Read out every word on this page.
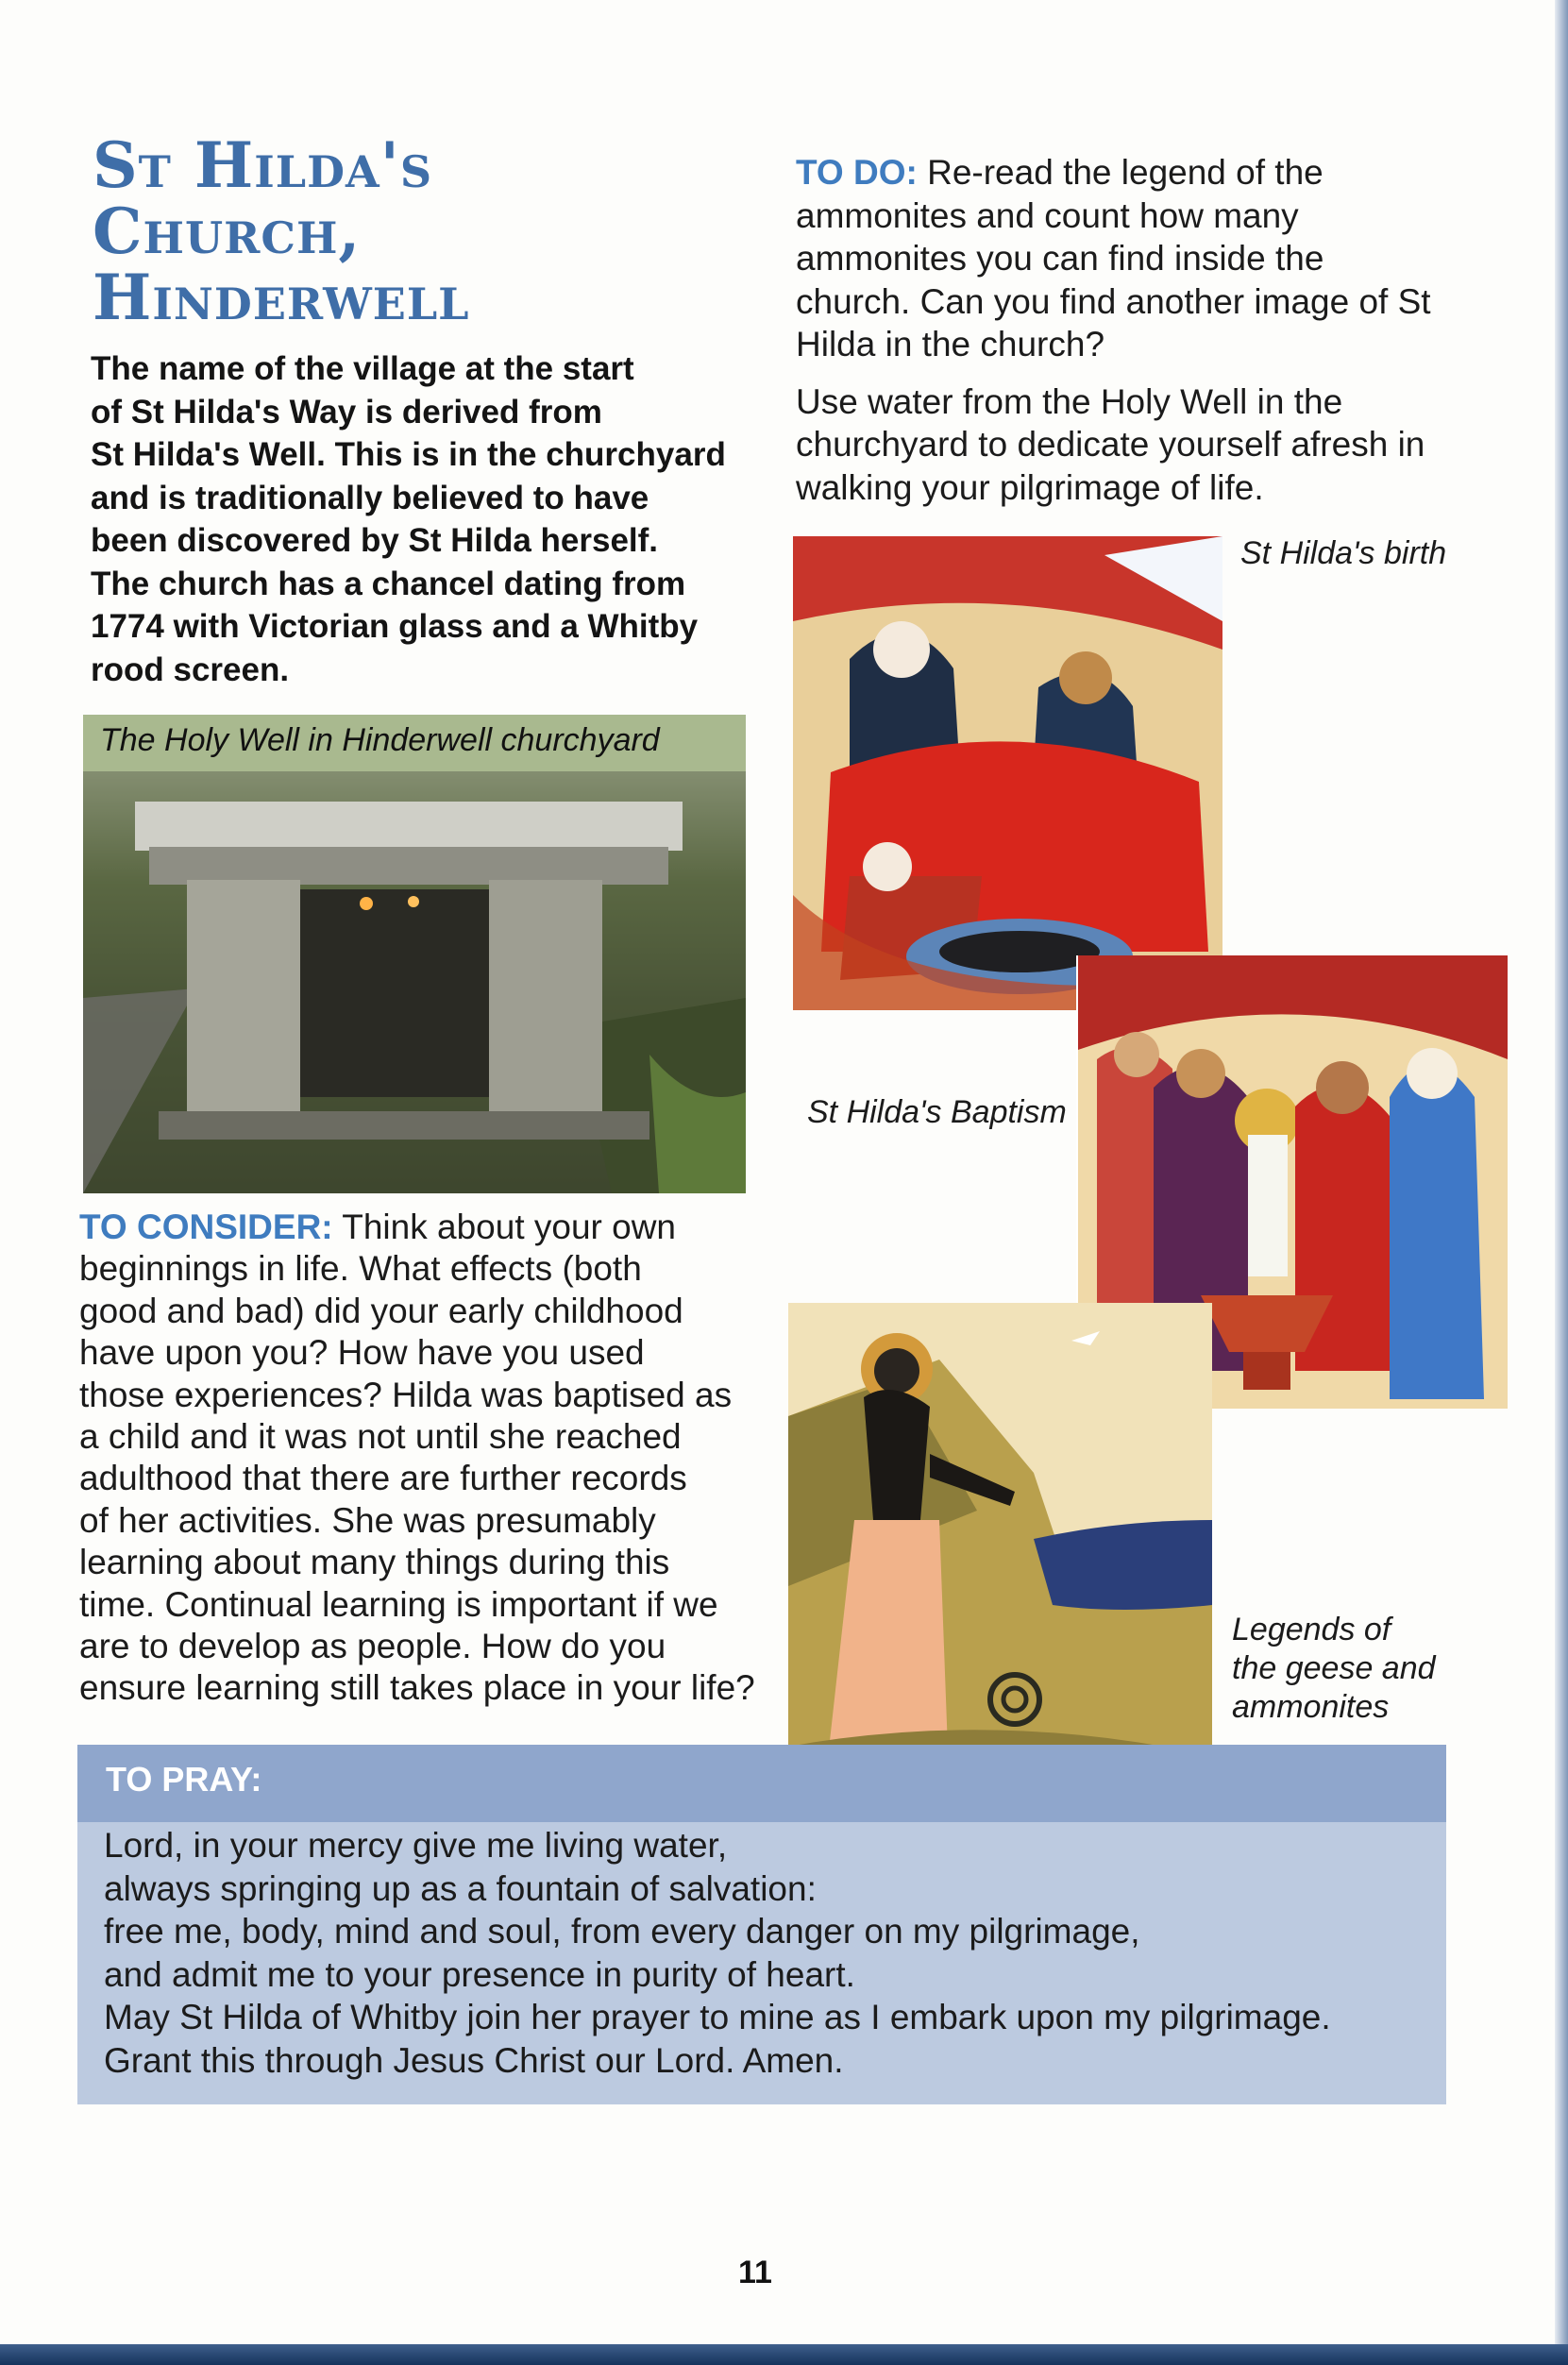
St Hilda's
Church,
Hinderwell
The name of the village at the start
of St Hilda's Way is derived from
St Hilda's Well. This is in the churchyard
and is traditionally believed to have
been discovered by St Hilda herself.
The church has a chancel dating from
1774 with Victorian glass and a Whitby
rood screen.
The Holy Well in Hinderwell churchyard
TO CONSIDER: Think about your own
beginnings in life. What effects (both
good and bad) did your early childhood
have upon you? How have you used
those experiences? Hilda was baptised as
a child and it was not until she reached
adulthood that there are further records
of her activities. She was presumably
learning about many things during this
time. Continual learning is important if we
are to develop as people. How do you
ensure learning still takes place in your life?

TO DO: Re-read the legend of the
ammonites and count how many
ammonites you can find inside the
church. Can you find another image of St
Hilda in the church?

Use water from the Holy Well in the
churchyard to dedicate yourself afresh in
walking your pilgrimage of life.

St Hilda's birth

St Hilda's Baptism

Legends of
the geese and
ammonites
TO PRAY:
Lord, in your mercy give me living water,
always springing up as a fountain of salvation:
free me, body, mind and soul, from every danger on my pilgrimage,
and admit me to your presence in purity of heart.
May St Hilda of Whitby join her prayer to mine as I embark upon my pilgrimage.
Grant this through Jesus Christ our Lord. Amen.
11
